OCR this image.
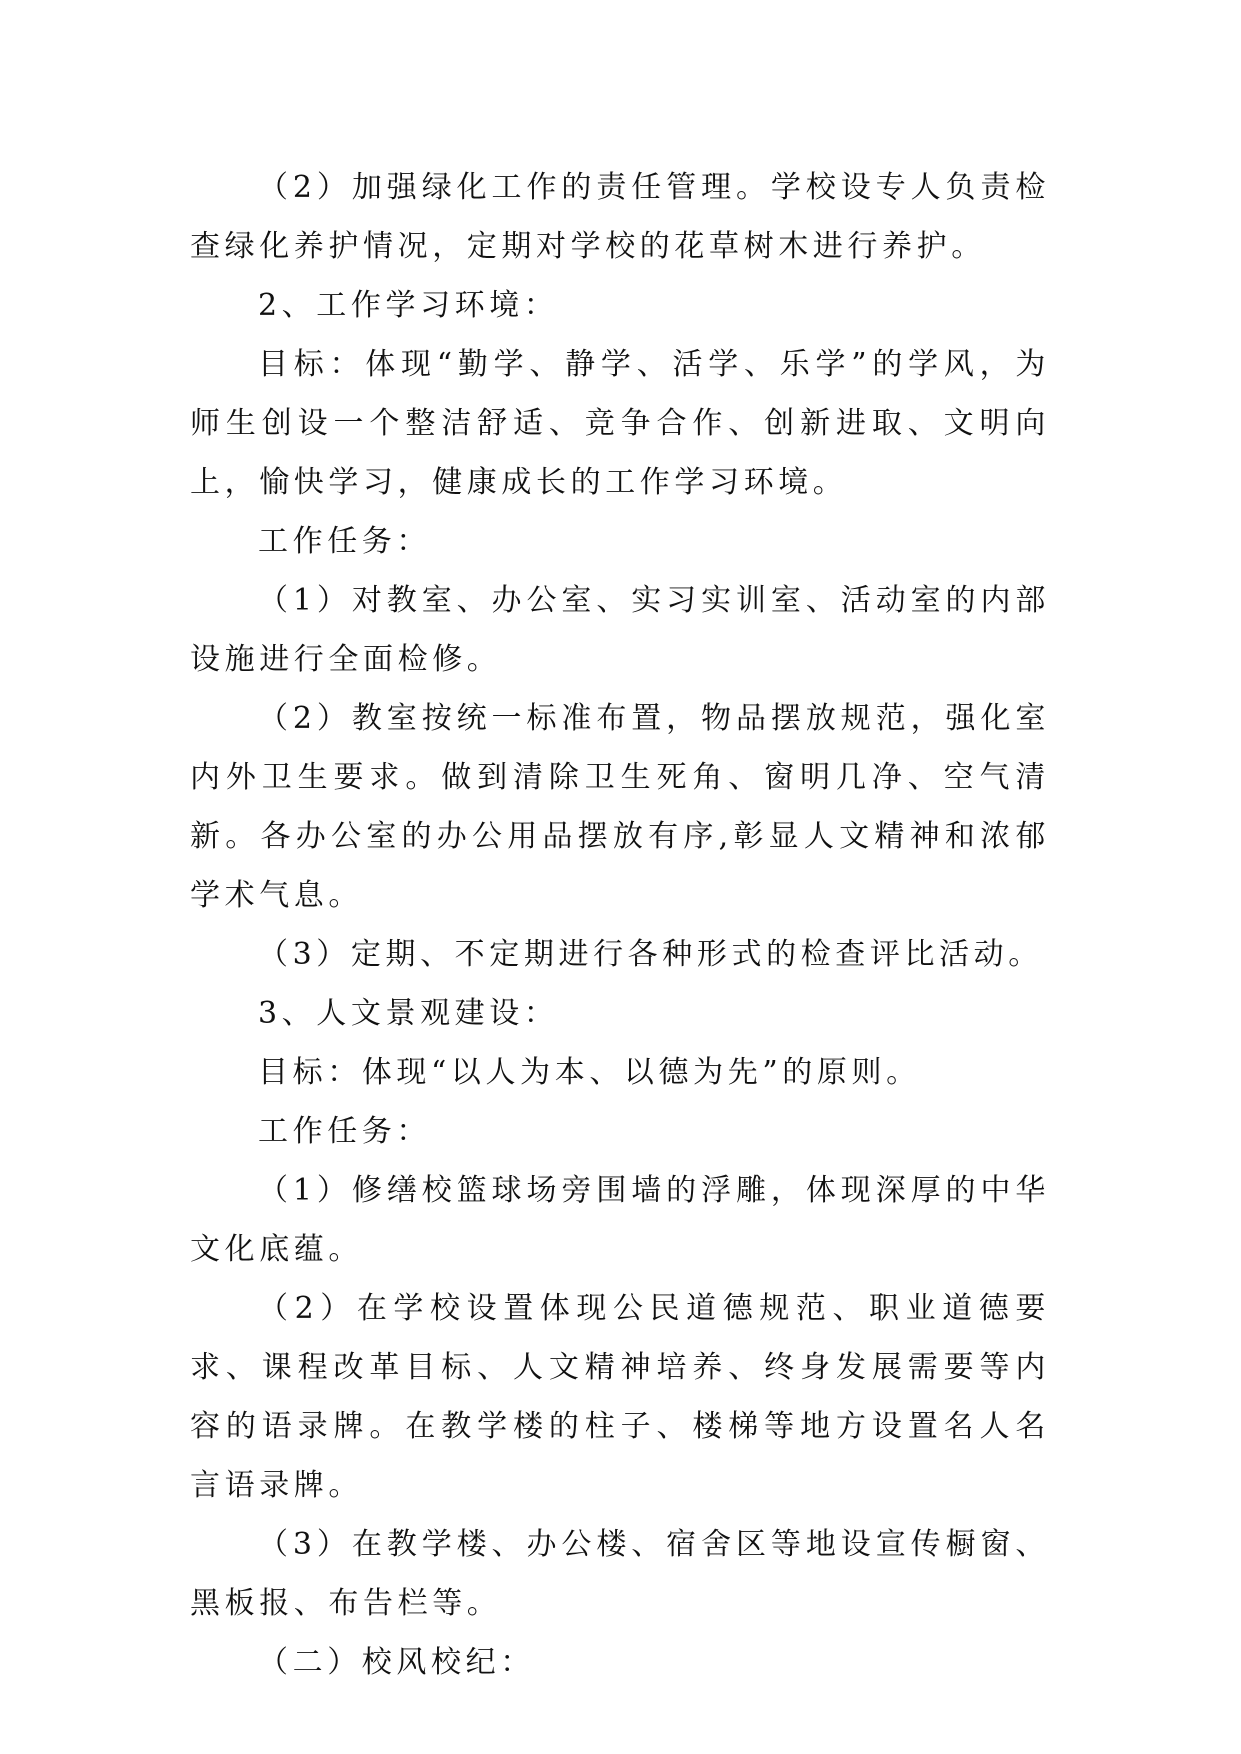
（2）加强绿化工作的责任管理。学校设专人负责检查绿化养护情况，定期对学校的花草树木进行养护。

2、工作学习环境：

目标：体现“勤学、静学、活学、乐学”的学风，为师生创设一个整洁舒适、竞争合作、创新进取、文明向上，愉快学习，健康成长的工作学习环境。

工作任务：

（1）对教室、办公室、实习实训室、活动室的内部设施进行全面检修。

（2）教室按统一标准布置，物品摆放规范，强化室内外卫生要求。做到清除卫生死角、窗明几净、空气清新。各办公室的办公用品摆放有序,彰显人文精神和浓郁学术气息。

（3）定期、不定期进行各种形式的检查评比活动。

3、人文景观建设：

目标：体现“以人为本、以德为先”的原则。

工作任务：

（1）修缮校篮球场旁围墙的浮雕，体现深厚的中华文化底蕴。

（2）在学校设置体现公民道德规范、职业道德要求、课程改革目标、人文精神培养、终身发展需要等内容的语录牌。在教学楼的柱子、楼梯等地方设置名人名言语录牌。

（3）在教学楼、办公楼、宿舍区等地设宣传橱窗、黑板报、布告栏等。

（二）校风校纪：
